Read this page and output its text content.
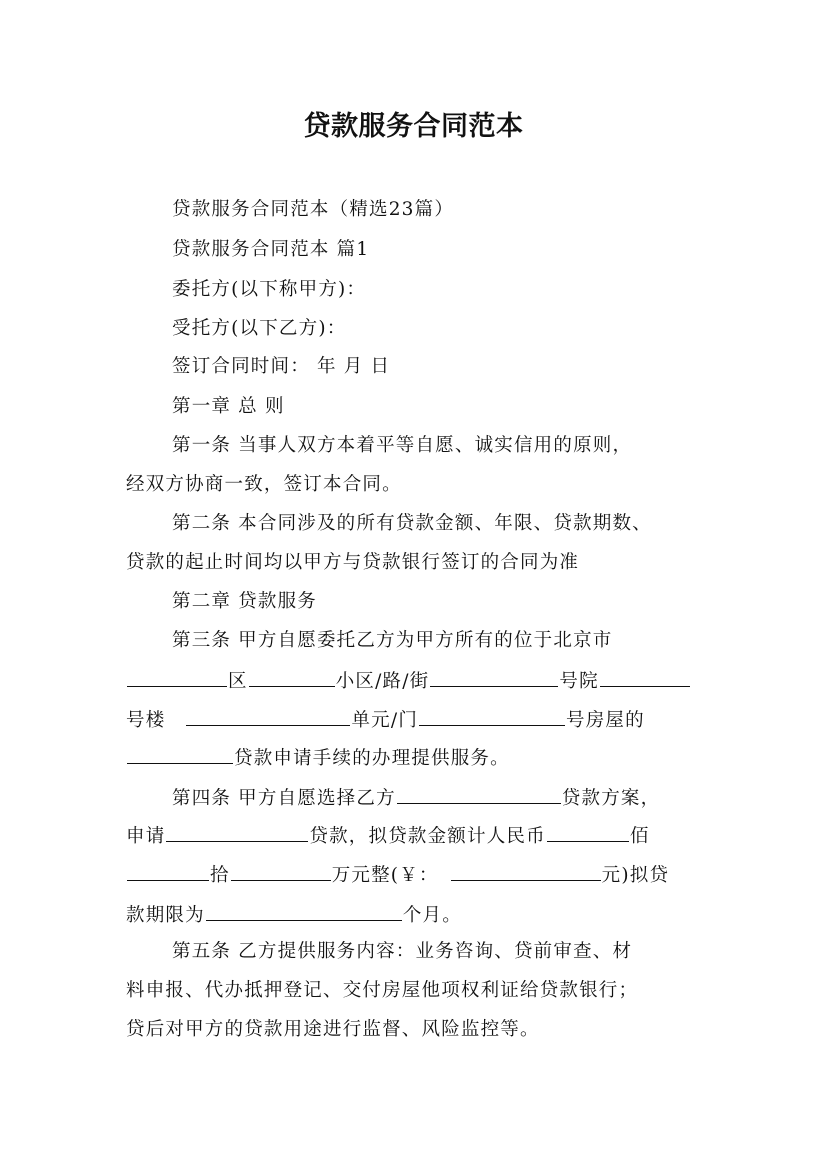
贷款服务合同范本
贷款服务合同范本（精选23篇）
贷款服务合同范本 篇1
委托方(以下称甲方)：
受托方(以下乙方)：
签订合同时间： 年 月 日
第一章 总 则
第一条 当事人双方本着平等自愿、诚实信用的原则，
经双方协商一致，签订本合同。
第二条 本合同涉及的所有贷款金额、年限、贷款期数、
贷款的起止时间均以甲方与贷款银行签订的合同为准
第二章 贷款服务
第三条 甲方自愿委托乙方为甲方所有的位于北京市
区	小区/路/街	号院
号楼	单元/门	号房屋的
贷款申请手续的办理提供服务。
第四条 甲方自愿选择乙方	贷款方案，
申请	贷款，拟贷款金额计人民币	佰
拾	万元整(￥：	元)拟贷
款期限为	个月。
第五条 乙方提供服务内容：业务咨询、贷前审查、材
料申报、代办抵押登记、交付房屋他项权利证给贷款银行；
贷后对甲方的贷款用途进行监督、风险监控等。
